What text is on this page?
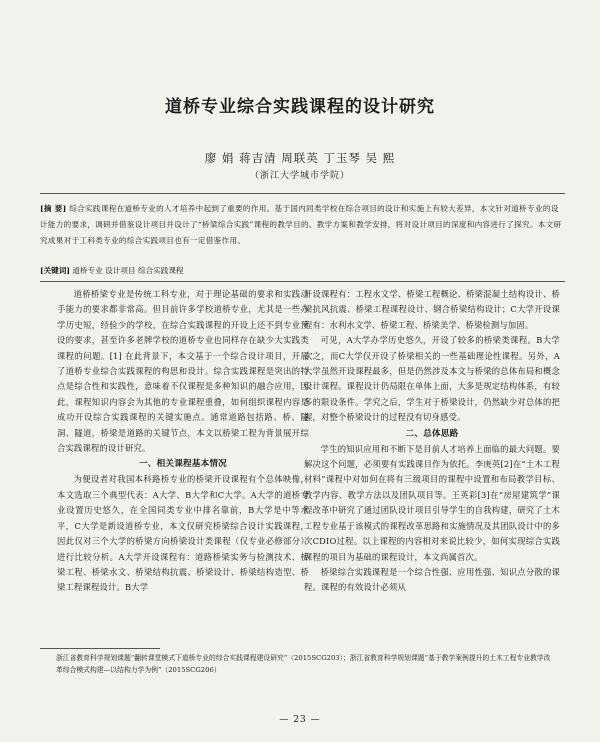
道桥专业综合实践课程的设计研究
廖 娟 蒋吉清 周联英 丁玉琴 吴 熙
（浙江大学城市学院）
[摘 要] 综合实践课程在道桥专业的人才培养中起到了重要的作用。基于国内同类学校在综合项目的设计和实施上有较大差异，本文针对道桥专业的设计能力的要求，调研并借鉴设计项目并设计了“桥梁综合实践”课程的教学目的、教学方案和教学安排，将对设计项目的深度和内容进行了探究。本文研究成果对于工科类专业的综合实践项目也有一定借鉴作用。
[关键词] 道桥专业 设计项目 综合实践课程

道桥桥梁专业是传统工科专业，对于理论基础的要求和实践动手能力的要求都非常高。但目前许多学校道桥专业，尤其是一些办学历史短，经验少的学校，在综合实践课程的开设上还不到专业预设的要求，甚至许多老牌学校的道桥专业也同样存在缺少大实践类课程的问题。[1] 在此背景下，本文基于一个综合设计项目，开展了道桥专业综合实践课程的构思和设计。综合实践课程是突出的特点是综合性和实践性，意味着不仅课程是多种知识的融合应用，因此，课程知识内容会为其他的专业课程重叠，如何组织课程内容是成功开设综合实践课程的关键实施点。通常道路包括路、桥、隧洞、隧道，桥梁是道路的关键节点，本文以桥梁工程为背景展开综合实践课程的设计研究。

一、相关课程基本情况

为便设者对我国本科路桥专业的桥梁开设课程有个总体映像，本文选取三个典型代表：A大学、B大学和C大学。A大学的道桥专业设置历史悠久，在全国同类专业中排名靠前，B大学是中等水平，C大学是新设道桥专业，本文仅研究桥梁综合设计实践课程，因此仅对三个大学的桥梁方向桥梁设计类课程（仅专业必修部分）进行比较分析。A大学开设课程有：道路桥梁实务与检测技术、桥梁工程、桥梁水文、桥梁结构抗震、桥梁设计、桥梁结构造型、桥梁工程课程设计。B大学

开设课程有：工程水文学、桥梁工程概论、桥梁混凝土结构设计、桥梁抗风抗震、桥梁工程课程设计、钢合桥梁结构设计；C大学开设课程有：水利水文学、桥梁工程、桥梁美学、桥梁检测与加固。

可见，A大学办学历史悠久，开设了较多的桥梁类课程。B大学次之，而C大学仅开设了桥梁相关的一些基础理论性课程。另外，A大学虽然开设课程最多，但是仍然涉及本文与桥梁的总体布局和概念设计课程。课程设计仍局限在单体上面，大多是规定结构体系，有较多的限设条件。学究之后，学生对于桥梁设计，仍然缺少对总体的把握，对整个桥梁设计的过程没有切身感受。

二、总体思路

学生的知识应用和不断下是目前人才培养上面临的最大问题。要解决这个问题，必须要有实践课目作为依托。李庚英[2]在“土木工程材料”课程中对如何在将有三级项目的课程中设置和布局教学目标、教学内容、教学方法以及团队项目等。王英彩[3]在“房屋建筑学”课程改革中研究了通过团队设计项目引导学生的自我构建，研究了土木工程专业基于该模式的课程改革思路和实施情况及其团队设计中的多次CDIO过程。以上课程的内容相对来说比较少，如何实现综合实践课程的项目为基础的课程设计，本文尚属首次。

桥梁综合实践课程是一个综合性强、应用性强、知识点分散的课程。课程的有效设计必须从

浙江省教育科学规划课题“翻转课堂模式下道桥专业的综合实践课程建设研究”（2015SCG203）；浙江省教育科学规划课题“基于教学案例提升的土木工程专业教学改革综合模式构建—以结构力学为例”（2015SCG206）
— 23 —
